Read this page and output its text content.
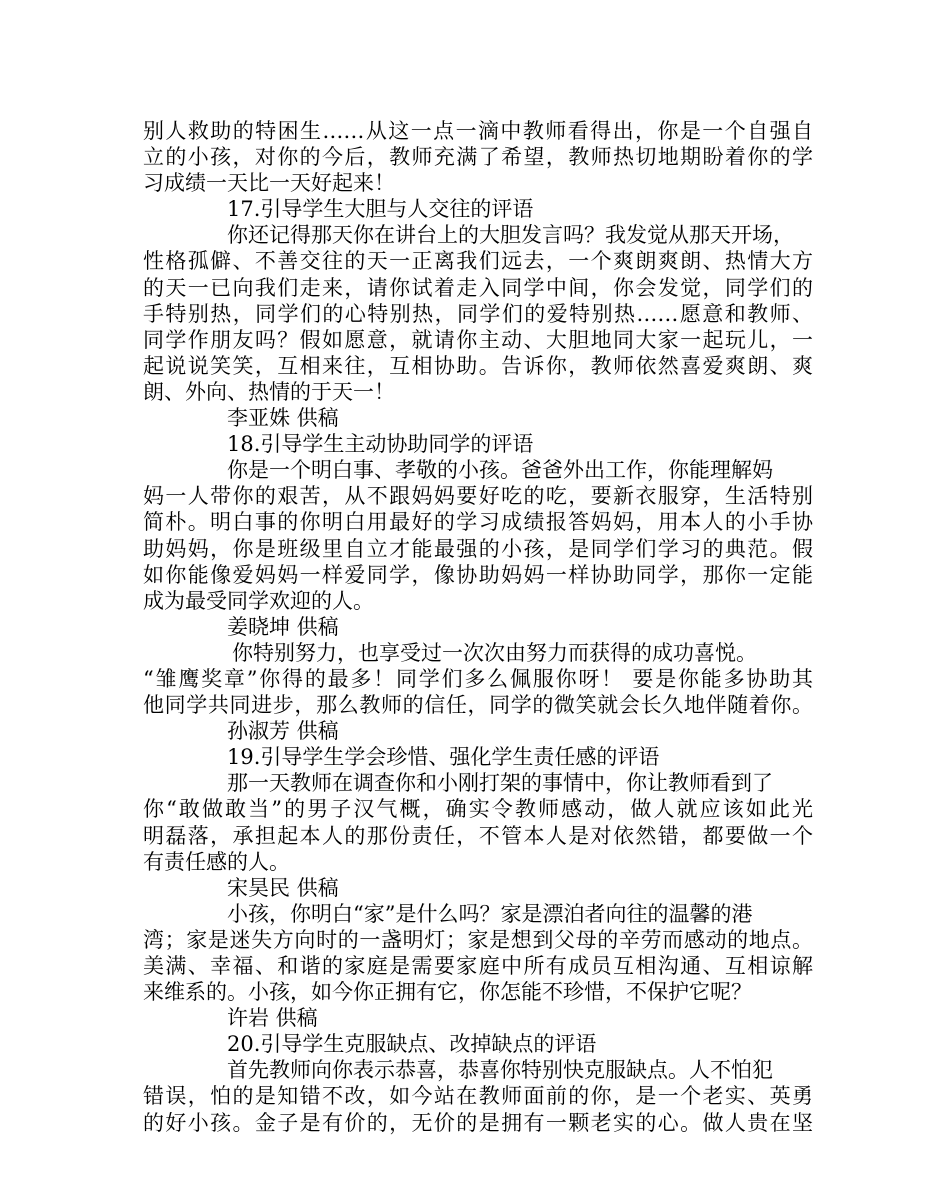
别人救助的特困生……从这一点一滴中教师看得出，你是一个自强自
立的小孩，对你的今后，教师充满了希望，教师热切地期盼着你的学
习成绩一天比一天好起来！
17.引导学生大胆与人交往的评语
你还记得那天你在讲台上的大胆发言吗？我发觉从那天开场，
性格孤僻、不善交往的天一正离我们远去，一个爽朗爽朗、热情大方
的天一已向我们走来，请你试着走入同学中间，你会发觉，同学们的
手特别热，同学们的心特别热，同学们的爱特别热……愿意和教师、
同学作朋友吗？假如愿意，就请你主动、大胆地同大家一起玩儿，一
起说说笑笑，互相来往，互相协助。告诉你，教师依然喜爱爽朗、爽
朗、外向、热情的于天一！
李亚姝 供稿
18.引导学生主动协助同学的评语
你是一个明白事、孝敬的小孩。爸爸外出工作，你能理解妈
妈一人带你的艰苦，从不跟妈妈要好吃的吃，要新衣服穿，生活特别
简朴。明白事的你明白用最好的学习成绩报答妈妈，用本人的小手协
助妈妈，你是班级里自立才能最强的小孩，是同学们学习的典范。假
如你能像爱妈妈一样爱同学，像协助妈妈一样协助同学，那你一定能
成为最受同学欢迎的人。
姜晓坤 供稿
你特别努力，也享受过一次次由努力而获得的成功喜悦。
“雏鹰奖章”你得的最多！同学们多么佩服你呀！ 要是你能多协助其
他同学共同进步，那么教师的信任，同学的微笑就会长久地伴随着你。
孙淑芳 供稿
19.引导学生学会珍惜、强化学生责任感的评语
那一天教师在调查你和小刚打架的事情中，你让教师看到了
你“敢做敢当”的男子汉气概，确实令教师感动，做人就应该如此光
明磊落，承担起本人的那份责任，不管本人是对依然错，都要做一个
有责任感的人。
宋昊民 供稿
小孩，你明白“家”是什么吗？家是漂泊者向往的温馨的港
湾；家是迷失方向时的一盏明灯；家是想到父母的辛劳而感动的地点。
美满、幸福、和谐的家庭是需要家庭中所有成员互相沟通、互相谅解
来维系的。小孩，如今你正拥有它，你怎能不珍惜，不保护它呢？
许岩 供稿
20.引导学生克服缺点、改掉缺点的评语
首先教师向你表示恭喜，恭喜你特别快克服缺点。人不怕犯
错误，怕的是知错不改，如今站在教师面前的你，是一个老实、英勇
的好小孩。金子是有价的，无价的是拥有一颗老实的心。做人贵在坚
